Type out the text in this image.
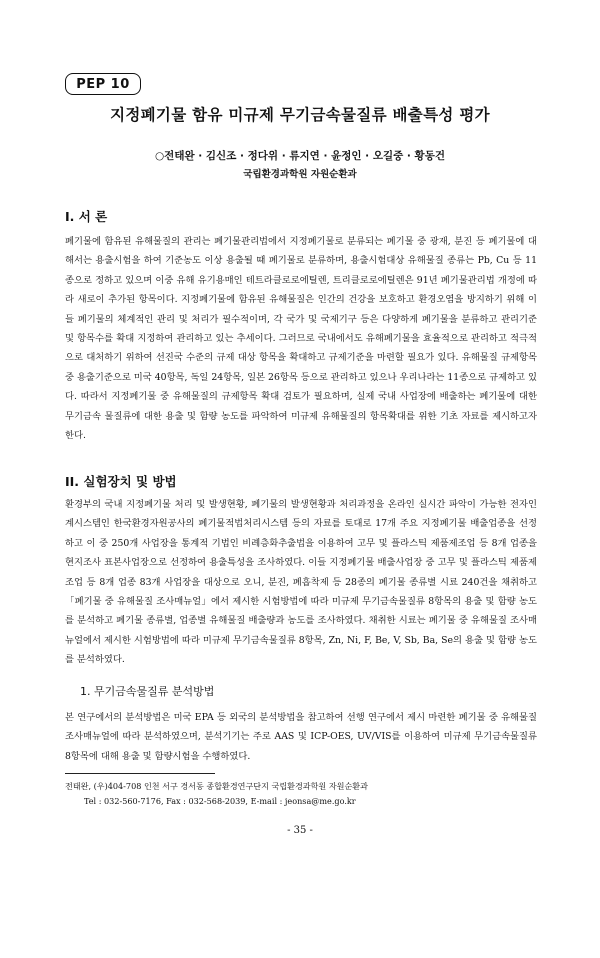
PEP 10
지정폐기물 함유 미규제 무기금속물질류 배출특성 평가
○전태완 · 김신조 · 정다위 · 류지연 · 윤정인 · 오길중 · 황동건
국립환경과학원 자원순환과
I. 서 론

폐기물에 함유된 유해물질의 관리는 폐기물관리법에서 지정폐기물로 분류되는 폐기물 중 광재, 분진 등 폐기물에 대해서는 용출시험을 하여 기준농도 이상 용출될 때 폐기물로 분류하며, 용출시험대상 유해물질 종류는 Pb, Cu 등 11종으로 정하고 있으며 이중 유해 유기용매인 테트라클로로에틸렌, 트리클로로에틸렌은 91년 폐기물관리법 개정에 따라 새로이 추가된 항목이다. 지정폐기물에 함유된 유해물질은 인간의 건강을 보호하고 환경오염을 방지하기 위해 이들 폐기물의 체계적인 관리 및 처리가 필수적이며, 각 국가 및 국제기구 등은 다양하게 폐기물을 분류하고 관리기준 및 항목수를 확대 지정하여 관리하고 있는 추세이다. 그러므로 국내에서도 유해폐기물을 효율적으로 관리하고 적극적으로 대처하기 위하여 선진국 수준의 규제 대상 항목을 확대하고 규제기준을 마련할 필요가 있다. 유해물질 규제항목 중 용출기준으로 미국 40항목, 독일 24항목, 일본 26항목 등으로 관리하고 있으나 우리나라는 11종으로 규제하고 있다. 따라서 지정폐기물 중 유해물질의 규제항목 확대 검토가 필요하며, 실제 국내 사업장에 배출하는 폐기물에 대한 무기금속 물질류에 대한 용출 및 함량 농도를 파악하여 미규제 유해물질의 항목확대를 위한 기초 자료를 제시하고자 한다.

II. 실험장치 및 방법

환경부의 국내 지정폐기물 처리 및 발생현황, 폐기물의 발생현황과 처리과정을 온라인 실시간 파악이 가능한 전자인계시스템인 한국환경자원공사의 폐기물적법처리시스템 등의 자료를 토대로 17개 주요 지정폐기물 배출업종을 선정하고 이 중 250개 사업장을 통계적 기법인 비례층화추출법을 이용하여 고무 및 플라스틱 제품제조업 등 8개 업종을 현지조사 표본사업장으로 선정하여 용출특성을 조사하였다. 이들 지정폐기물 배출사업장 중 고무 및 플라스틱 제품제조업 등 8개 업종 83개 사업장을 대상으로 오니, 분진, 폐흡착제 등 28종의 폐기물 종류별 시료 240건을 채취하고 「폐기물 중 유해물질 조사매뉴얼」에서 제시한 시험방법에 따라 미규제 무기금속물질류 8항목의 용출 및 함량 농도를 분석하고 폐기물 종류별, 업종별 유해물질 배출량과 농도를 조사하였다. 채취한 시료는 폐기물 중 유해물질 조사매뉴얼에서 제시한 시험방법에 따라 미규제 무기금속물질류 8항목, Zn, Ni, F, Be, V, Sb, Ba, Se의 용출 및 함량 농도를 분석하였다.

1. 무기금속물질류 분석방법

본 연구에서의 분석방법은 미국 EPA 등 외국의 분석방법을 참고하여 선행 연구에서 제시 마련한 폐기물 중 유해물질 조사매뉴얼에 따라 분석하였으며, 분석기기는 주로 AAS 및 ICP-OES, UV/VIS를 이용하여 미규제 무기금속물질류 8항목에 대해 용출 및 함량시험을 수행하였다.

전태완, (우)404-708 인천 서구 경서동 종합환경연구단지 국립환경과학원 자원순환과
Tel : 032-560-7176, Fax : 032-568-2039, E-mail : jeonsa@me.go.kr
- 35 -
